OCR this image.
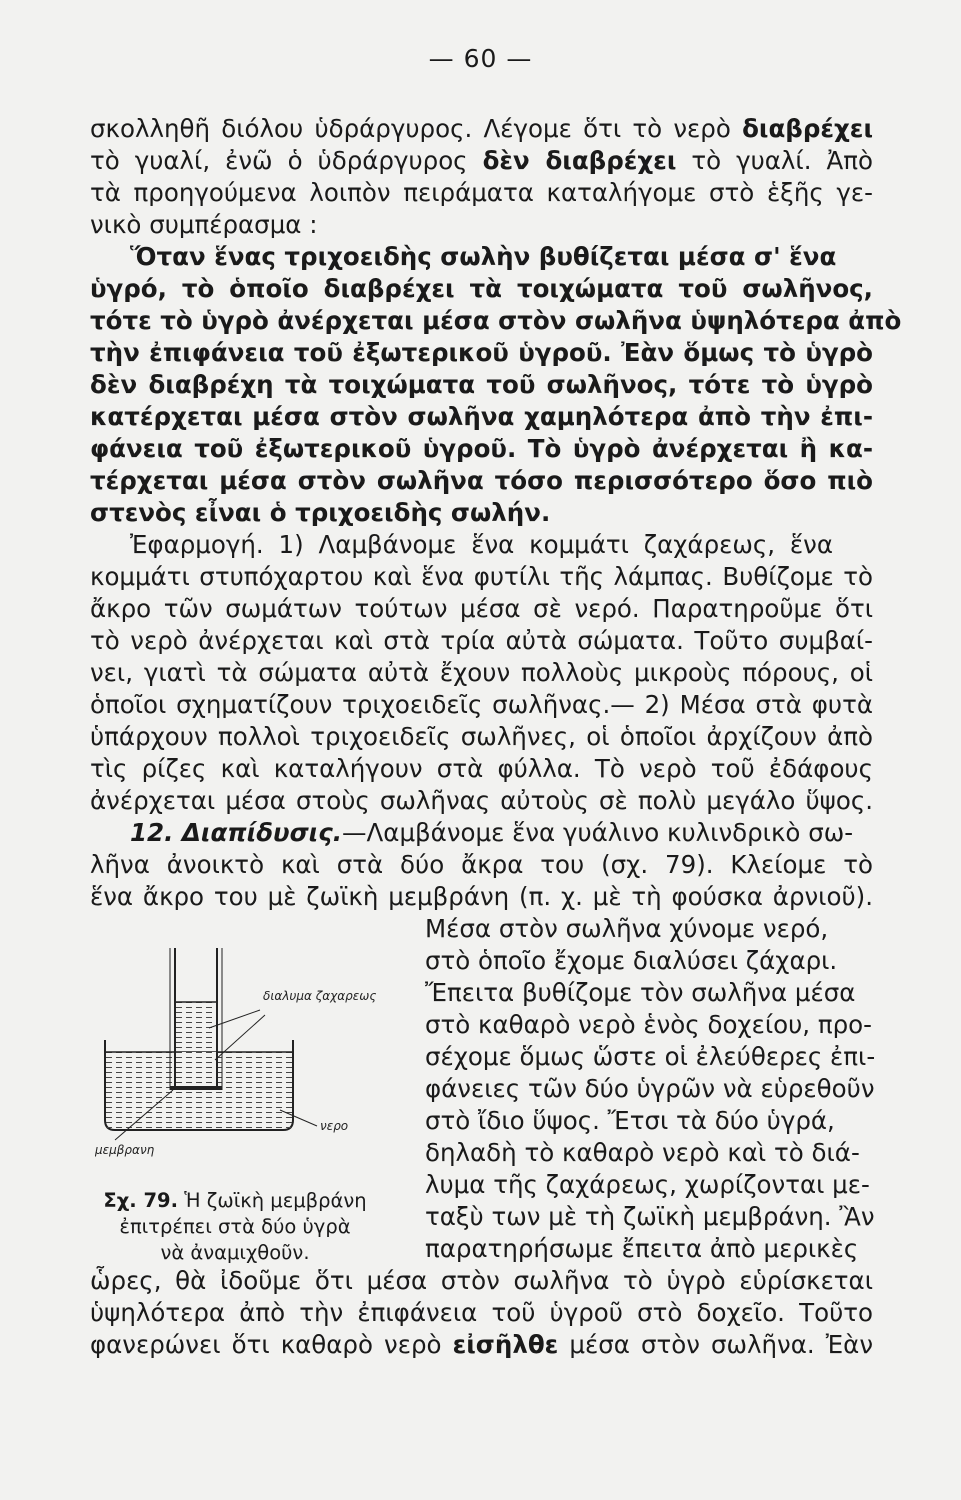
— 60 —
σκολληθῆ διόλου ὑδράργυρος. Λέγομε ὅτι τὸ νερὸ διαβρέχει
τὸ γυαλί, ἐνῶ ὁ ὑδράργυρος δὲν διαβρέχει τὸ γυαλί. Ἀπὸ
τὰ προηγούμενα λοιπὸν πειράματα καταλήγομε στὸ ἑξῆς γε-
νικὸ συμπέρασμα :
Ὅταν ἕνας τριχοειδὴς σωλὴν βυθίζεται μέσα σ' ἕνα
ὑγρό, τὸ ὁποῖο διαβρέχει τὰ τοιχώματα τοῦ σωλῆνος,
τότε τὸ ὑγρὸ ἀνέρχεται μέσα στὸν σωλῆνα ὑψηλότερα ἀπὸ
τὴν ἐπιφάνεια τοῦ ἐξωτερικοῦ ὑγροῦ. Ἐὰν ὅμως τὸ ὑγρὸ
δὲν διαβρέχη τὰ τοιχώματα τοῦ σωλῆνος, τότε τὸ ὑγρὸ
κατέρχεται μέσα στὸν σωλῆνα χαμηλότερα ἀπὸ τὴν ἐπι-
φάνεια τοῦ ἐξωτερικοῦ ὑγροῦ. Τὸ ὑγρὸ ἀνέρχεται ἢ κα-
τέρχεται μέσα στὸν σωλῆνα τόσο περισσότερο ὅσο πιὸ
στενὸς εἶναι ὁ τριχοειδὴς σωλήν.
Ἐφαρμογή. 1) Λαμβάνομε ἕνα κομμάτι ζαχάρεως, ἕνα
κομμάτι στυπόχαρτου καὶ ἕνα φυτίλι τῆς λάμπας. Βυθίζομε τὸ
ἄκρο τῶν σωμάτων τούτων μέσα σὲ νερό. Παρατηροῦμε ὅτι
τὸ νερὸ ἀνέρχεται καὶ στὰ τρία αὐτὰ σώματα. Τοῦτο συμβαί-
νει, γιατὶ τὰ σώματα αὐτὰ ἔχουν πολλοὺς μικροὺς πόρους, οἱ
ὁποῖοι σχηματίζουν τριχοειδεῖς σωλῆνας.— 2) Μέσα στὰ φυτὰ
ὑπάρχουν πολλοὶ τριχοειδεῖς σωλῆνες, οἱ ὁποῖοι ἀρχίζουν ἀπὸ
τὶς ρίζες καὶ καταλήγουν στὰ φύλλα. Τὸ νερὸ τοῦ ἐδάφους
ἀνέρχεται μέσα στοὺς σωλῆνας αὐτοὺς σὲ πολὺ μεγάλο ὕψος.
12. Διαπίδυσις.—Λαμβάνομε ἕνα γυάλινο κυλινδρικὸ σω-
λῆνα ἀνοικτὸ καὶ στὰ δύο ἄκρα του (σχ. 79). Κλείομε τὸ
ἕνα ἄκρο του μὲ ζωϊκὴ μεμβράνη (π. χ. μὲ τὴ φούσκα ἀρνιοῦ).
Μέσα στὸν σωλῆνα χύνομε νερό,
στὸ ὁποῖο ἔχομε διαλύσει ζάχαρι.
Ἔπειτα βυθίζομε τὸν σωλῆνα μέσα
στὸ καθαρὸ νερὸ ἑνὸς δοχείου, προ-
σέχομε ὅμως ὥστε οἱ ἐλεύθερες ἐπι-
φάνειες τῶν δύο ὑγρῶν νὰ εὑρεθοῦν
στὸ ἴδιο ὕψος. Ἔτσι τὰ δύο ὑγρά,
δηλαδὴ τὸ καθαρὸ νερὸ καὶ τὸ διά-
λυμα τῆς ζαχάρεως, χωρίζονται με-
ταξὺ των μὲ τὴ ζωϊκὴ μεμβράνη. Ἂν
παρατηρήσωμε ἔπειτα ἀπὸ μερικὲς
ὧρες, θὰ ἰδοῦμε ὅτι μέσα στὸν σωλῆνα τὸ ὑγρὸ εὑρίσκεται
ὑψηλότερα ἀπὸ τὴν ἐπιφάνεια τοῦ ὑγροῦ στὸ δοχεῖο. Τοῦτο
φανερώνει ὅτι καθαρὸ νερὸ εἰσῆλθε μέσα στὸν σωλῆνα. Ἐὰν
διαλυμα ζαχαρεως
νερο
μεμβρανη
Σχ. 79. Ἡ ζωϊκὴ μεμβράνη
ἐπιτρέπει στὰ δύο ὑγρὰ
νὰ ἀναμιχθοῦν.
